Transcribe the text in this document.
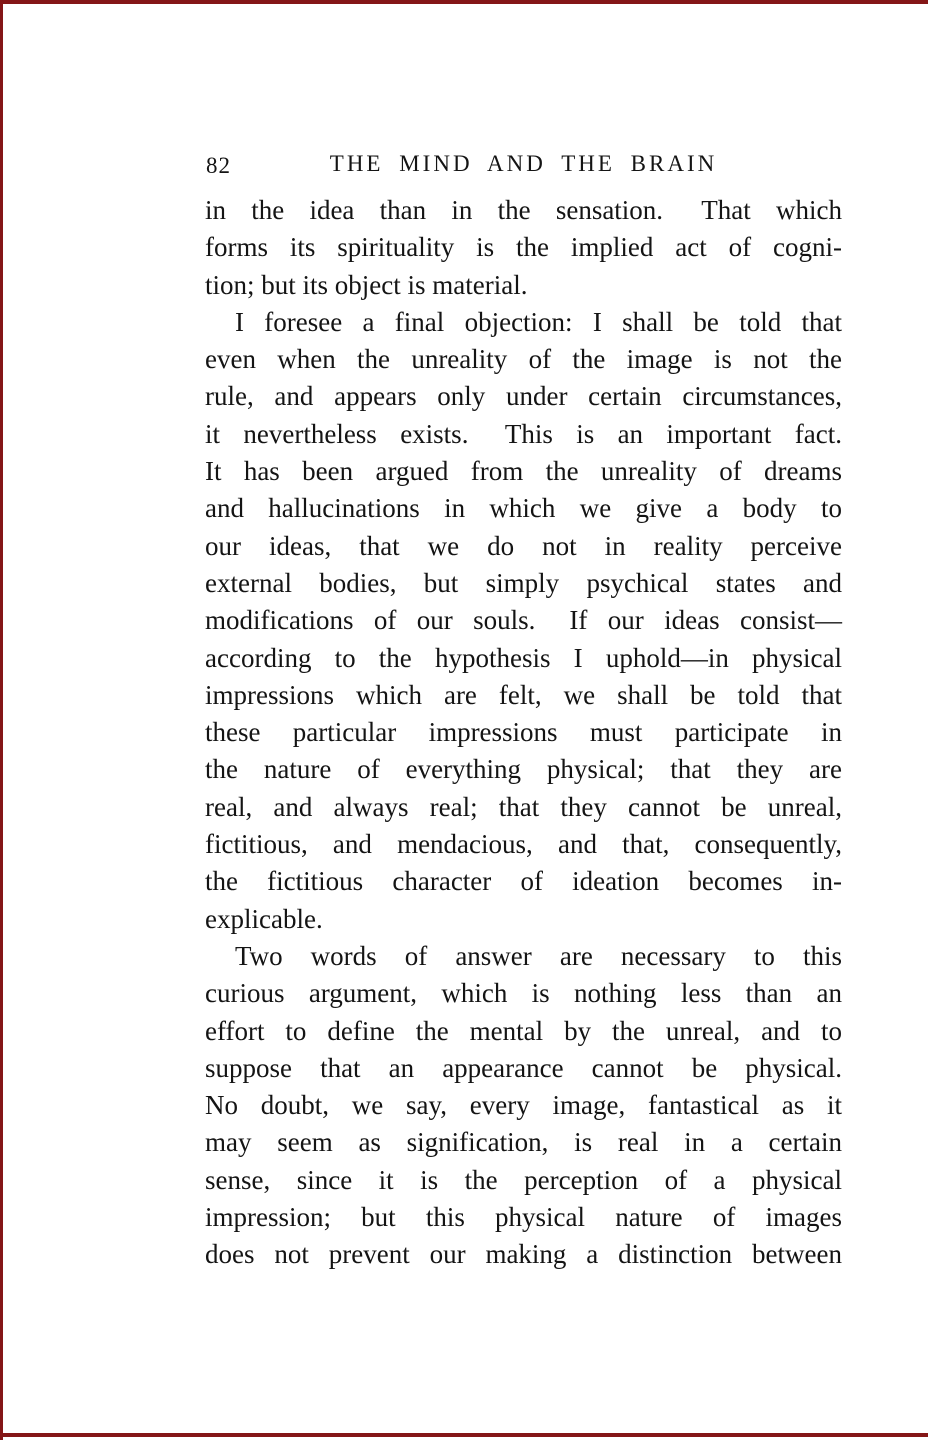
82	THE MIND AND THE BRAIN
in the idea than in the sensation.  That which
forms its spirituality is the implied act of cogni-
tion; but its object is material.
I foresee a final objection: I shall be told that
even when the unreality of the image is not the
rule, and appears only under certain circumstances,
it nevertheless exists.  This is an important fact.
It has been argued from the unreality of dreams
and hallucinations in which we give a body to
our ideas, that we do not in reality perceive
external bodies, but simply psychical states and
modifications of our souls.  If our ideas consist—
according to the hypothesis I uphold—in physical
impressions which are felt, we shall be told that
these particular impressions must participate in
the nature of everything physical; that they are
real, and always real; that they cannot be unreal,
fictitious, and mendacious, and that, consequently,
the fictitious character of ideation becomes in-
explicable.
Two words of answer are necessary to this
curious argument, which is nothing less than an
effort to define the mental by the unreal, and to
suppose that an appearance cannot be physical.
No doubt, we say, every image, fantastical as it
may seem as signification, is real in a certain
sense, since it is the perception of a physical
impression; but this physical nature of images
does not prevent our making a distinction between
